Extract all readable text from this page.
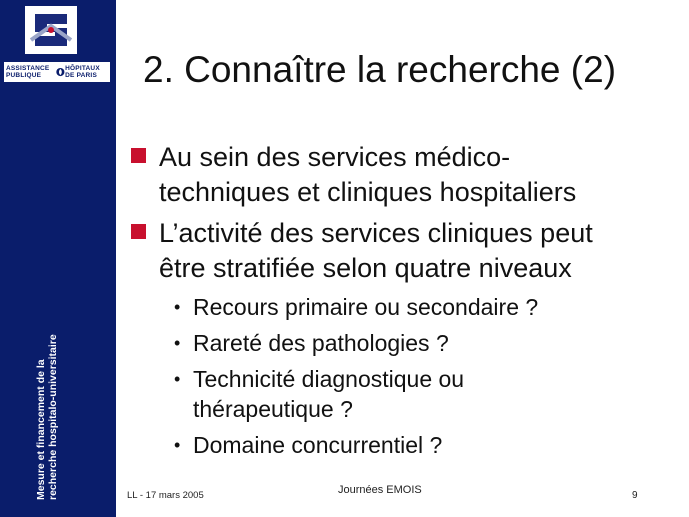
ASSISTANCE PUBLIQUE
HÔPITAUX DE PARIS
Mesure et financement de la recherche hospitalo-universitaire
2. Connaître la recherche (2)
Au sein des services médico-
techniques et cliniques hospitaliers
L’activité des services cliniques peut
être stratifiée selon quatre niveaux
• Recours primaire ou secondaire ?
• Rareté des pathologies ?
• Technicité diagnostique ou
thérapeutique ?
• Domaine concurrentiel ?
LL - 17 mars 2005	Journées EMOIS	9
